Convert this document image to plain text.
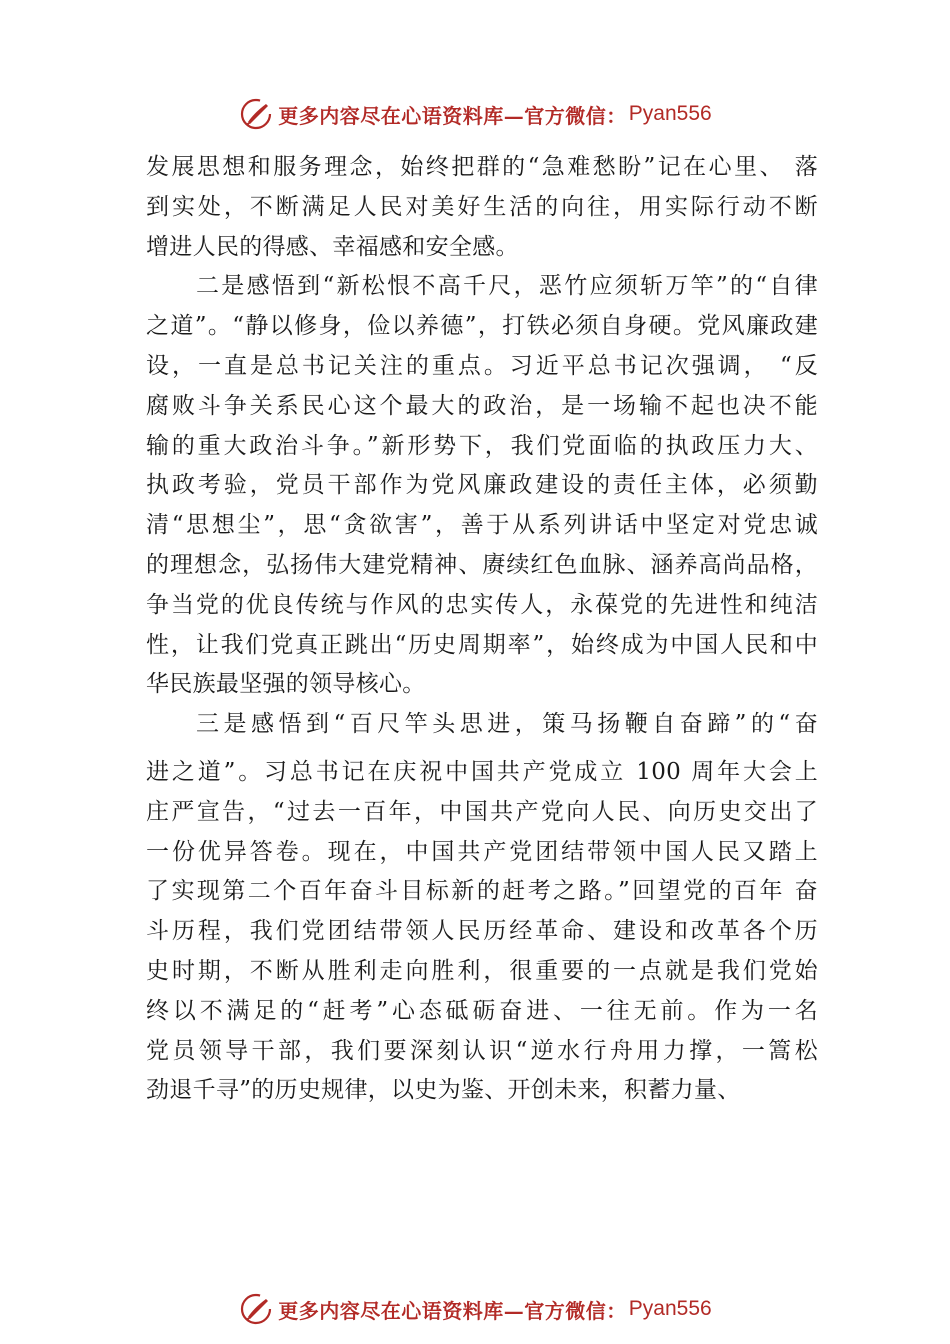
更多内容尽在心语资料库—官方微信： Pyan556
发展思想和服务理念，始终把群的“急难愁盼”记在心里、 落
到实处，不断满足人民对美好生活的向往，用实际行动不断
增进人民的得感、幸福感和安全感。
二是感悟到“新松恨不高千尺，恶竹应须斩万竿”的“自律
之道”。“静以修身，俭以养德”，打铁必须自身硬。党风廉政建
设，一直是总书记关注的重点。习近平总书记次强调， “反
腐败斗争关系民心这个最大的政治，是一场输不起也决不能
输的重大政治斗争。”新形势下，我们党面临的执政压力大、
执政考验，党员干部作为党风廉政建设的责任主体，必须勤
清“思想尘”，思“贪欲害”，善于从系列讲话中坚定对党忠诚
的理想念，弘扬伟大建党精神、赓续红色血脉、涵养高尚品格，
争当党的优良传统与作风的忠实传人，永葆党的先进性和纯洁
性，让我们党真正跳出“历史周期率”，始终成为中国人民和中
华民族最坚强的领导核心。
三是感悟到“百尺竿头思进，策马扬鞭自奋蹄”的“奋
进之道”。习总书记在庆祝中国共产党成立 100 周年大会上
庄严宣告，“过去一百年，中国共产党向人民、向历史交出了
一份优异答卷。现在，中国共产党团结带领中国人民又踏上
了实现第二个百年奋斗目标新的赶考之路。”回望党的百年 奋
斗历程，我们党团结带领人民历经革命、建设和改革各个历
史时期，不断从胜利走向胜利，很重要的一点就是我们党始
终以不满足的“赶考”心态砥砺奋进、一往无前。作为一名
党员领导干部，我们要深刻认识“逆水行舟用力撑，一篙松
劲退千寻”的历史规律，以史为鉴、开创未来，积蓄力量、
更多内容尽在心语资料库—官方微信： Pyan556
